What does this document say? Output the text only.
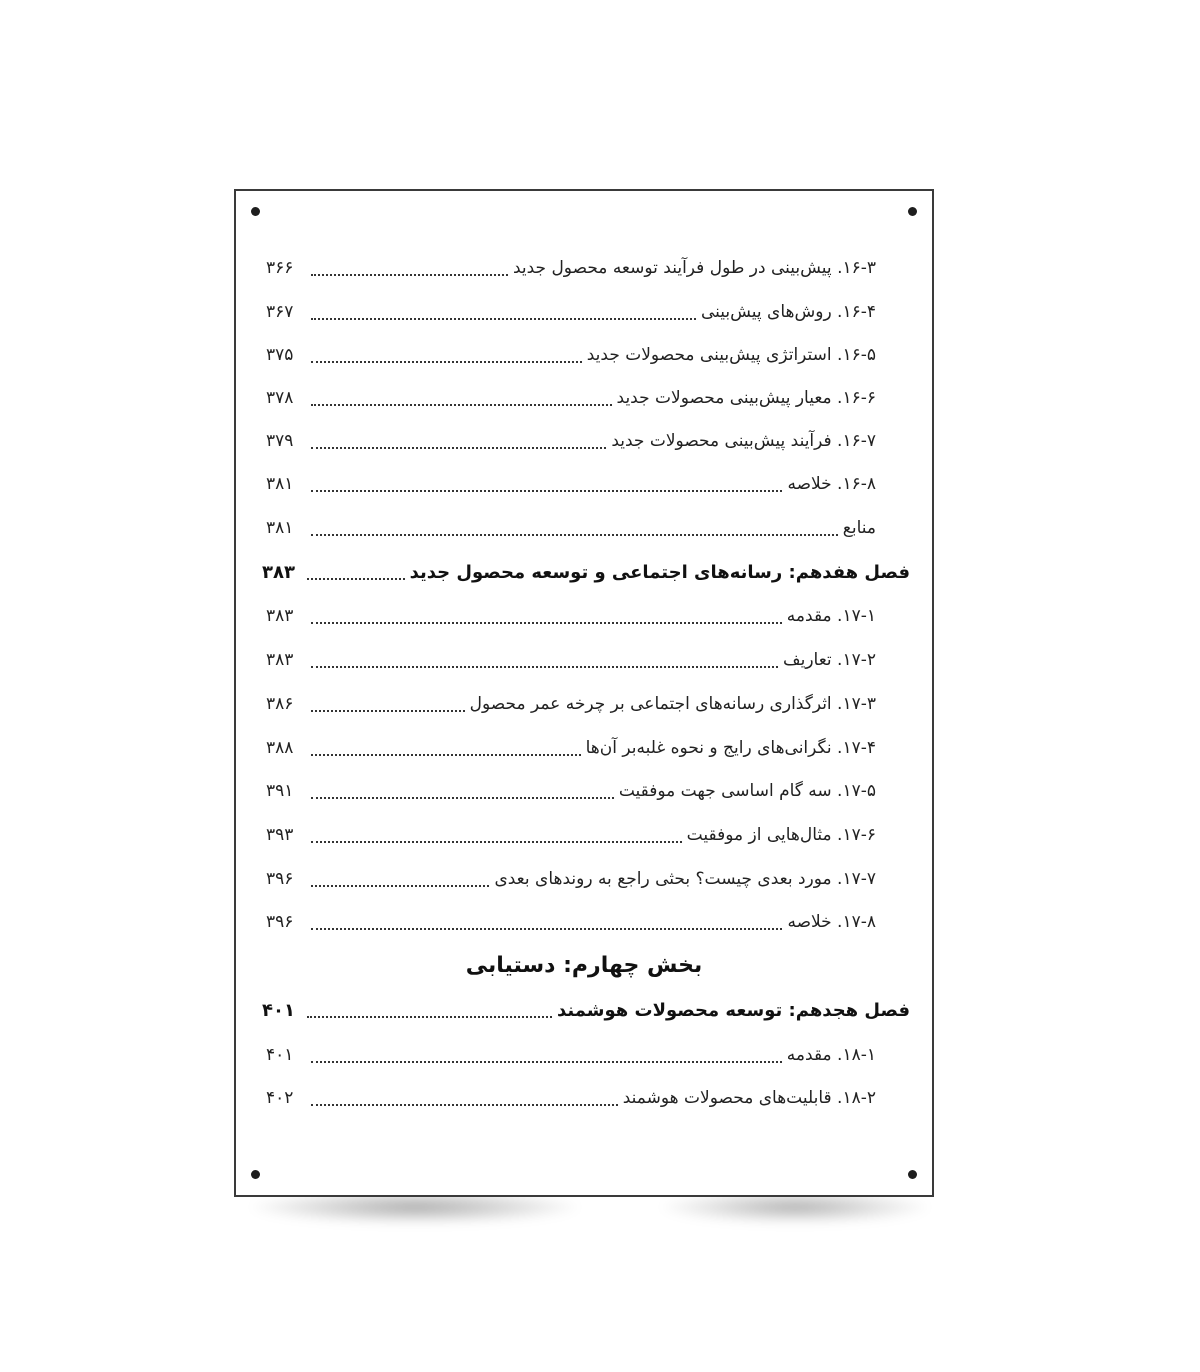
۱۶-۳. پیش‌بینی در طول فرآیند توسعه محصول جدید
۳۶۶
۱۶-۴. روش‌های پیش‌بینی
۳۶۷
۱۶-۵. استراتژی پیش‌بینی محصولات جدید
۳۷۵
۱۶-۶. معیار پیش‌بینی محصولات جدید
۳۷۸
۱۶-۷. فرآیند پیش‌بینی محصولات جدید
۳۷۹
۱۶-۸. خلاصه
۳۸۱
منابع
۳۸۱
فصل هفدهم: رسانه‌های اجتماعی و توسعه محصول جدید
۳۸۳
۱۷-۱. مقدمه
۳۸۳
۱۷-۲. تعاریف
۳۸۳
۱۷-۳. اثرگذاری رسانه‌های اجتماعی بر چرخه عمر محصول
۳۸۶
۱۷-۴. نگرانی‌های رایج و نحوه غلبه‌بر آن‌ها
۳۸۸
۱۷-۵. سه گام اساسی جهت موفقیت
۳۹۱
۱۷-۶. مثال‌هایی از موفقیت
۳۹۳
۱۷-۷. مورد بعدی چیست؟ بحثی راجع به روندهای بعدی
۳۹۶
۱۷-۸. خلاصه
۳۹۶
بخش چهارم: دستیابی
فصل هجدهم: توسعه محصولات هوشمند
۴۰۱
۱۸-۱. مقدمه
۴۰۱
۱۸-۲. قابلیت‌های محصولات هوشمند
۴۰۲
